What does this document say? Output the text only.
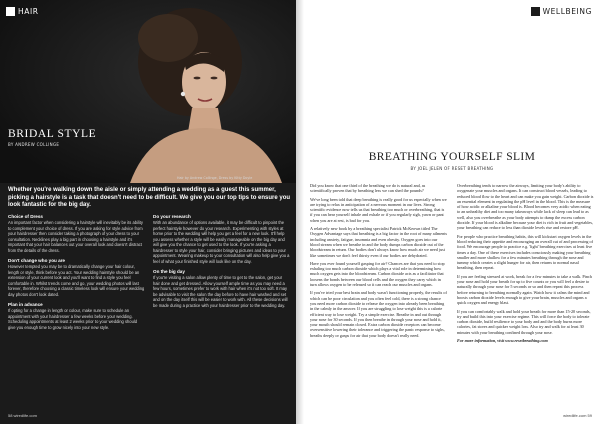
HAIR
BRIDAL STYLE
BY ANDREW COLLINGE
Hair by Andrew Collinge, Dress by Kitty Doyle
Whether you're walking down the aisle or simply attending a wedding as a guest this summer, picking a hairstyle is a task that doesn't need to be difficult. We give you our top tips to ensure you look fantastic for the big day.
Choice of Dress

An important factor when considering a hairstyle will inevitably be its ability to complement your choice of dress. If you are asking for style advice from your hairdresser then consider taking a photograph of your dress to your consultation. Necklines play a big part in choosing a hairstyle and it's important that your hair balances out your overall look and doesn't distract from the details of the dress.

Don't change who you are

However tempted you may be to dramatically change your hair colour, length or style, think before you act. Your wedding hairstyle should be an extension of your current look and you'll want to find a style you feel comfortable in. Whilst trends come and go, your wedding photos will last forever, therefore choosing a classic timeless look will ensure your wedding day photos don't look dated.

Plan in advance

If opting for a change in length or colour, make sure to schedule an appointment with your hairdresser a few weeks before your wedding. Scheduling appointments at least 2 weeks prior to your wedding should give you enough time to grow nicely into your new style.

Do your research

With an abundance of options available, it may be difficult to pinpoint the perfect hairstyle however do your research. Experimenting with styles at home prior to the wedding will help you get a feel for a new look. It'll help you assess whether a style will be easily manageable on the big day and will give you the chance to get used to the look. If you're asking a hairdresser to style your hair, consider bringing pictures and ideas to your appointment. Wearing makeup to your consultation will also help give you a feel of what your finished style will look like on the day.

On the big day

If you're visiting a salon allow plenty of time to get to the salon, get your hair done and get dressed. Allow yourself ample time as you may need a few hours, sometimes prefer to work with hair when it's not too soft. It may be advisable to visit the salon the day before to have hair washed and set and on the day itself this will be easier to work with. All these decisions will be made during a practice with your hairdresser prior to the wedding day.

58 wiredlife.com
WELLBEING
BREATHING YOURSELF SLIM
BY JOEL JELEN OF RESET BREATHING

Did you know that one third of the breathing we do is natural and, as scientifically proven that by breathing less we can shed the pounds?

We've long been told that deep breathing is really good for us especially when we are trying to relax in anticipation of a nervous moment in our lives. Strong scientific evidence now tells us that breathing too much or overbreathing, that is if you can hear yourself inhale and exhale or if you regularly sigh, yawn or pant when you are at rest, is bad for you.

A relatively new book by a breathing specialist Patrick McKeown titled The Oxygen Advantage says that breathing is a big factor in the root of many ailments including anxiety, fatigue, insomnia and even obesity. Oxygen goes into our blood stream when we breathe in and the body dumps carbon dioxide out of the bloodstream in return. Our bodies don't always know how much air we need just like sometimes we don't feel thirsty even if our bodies are dehydrated.

Have you ever found yourself gasping for air? Chances are that you need to stop exhaling too much carbon dioxide which plays a vital role in determining how much oxygen gets into the bloodstream. Carbon dioxide acts as a facilitator that loosens the bonds between our blood cells and the oxygen they carry which in turn allows oxygen to be released so it can reach our muscles and organs.

If you've tried your best brain and body wasn't functioning properly, the results of which can be poor circulation and you often feel cold, there is a strong chance you need more carbon dioxide to release the oxygen into already been breathing in the calmly in the answer. If you are struggling to lose weight this is a calorie efficient way to lose weight. Try a simple exercise. Breathe in and out through your nose for 30 seconds. If you then breathe in through your nose and hold it, your mouth should remain closed. Extra carbon dioxide receptors can become oversensitive lowering their tolerance and triggering the panic response to sighs, breaths deeply or gasps for air that your body doesn't really need.

Overbreathing tends to narrow the airways, limiting your body's ability to oxygenate your muscles and organs. It can construct blood vessels, leading to reduced blood flow to the heart and can make you gain weight. Carbon dioxide is an essential element in regulating the pH level in the blood. This is the measure of how acidic or alkaline your blood is. Blood becomes very acidic when eating to an unhealthy diet and too many takeaways while lack of sleep can lead to as well, also you overbreathe as your body attempts to dump the excess carbon dioxide. If your blood is alkaline because your diet is rich in fruit and vegetables, your breathing can reduce to less than dioxide levels rise and restore pH.

For people who practice breathing habits, this will kickstart oxygen levels in the blood reducing their appetite and encouraging an overall cut of and processing of food. We encourage people to practice e.g. 'light' breathing exercises at least five times a day. One of these exercises includes consciously making your breathing smaller and more shallow for a few minutes breathing through the nose and tummy which creates a slight hunger for air, then returns to normal nasal breathing, then repeat.

If you are feeling stressed at work, break for a few minutes to take a walk. Pinch your nose and hold your breath for up to five counts or you will feel a desire to naturally through your nose for 5 seconds or so and then repeat this process before returning to breathing normally again. Watch how it calms the mind and boosts carbon dioxide levels enough to give your brain, muscles and organs a quick oxygen and energy blast.

If you can comfortably walk and hold your breath for more than 15-20 seconds, try and build this into your exercise regime. This will force the body to tolerate carbon dioxide, build resilience to your body and and the body burns more calories, fat stores and quicker weight loss. Also try and walk for at least 30 minutes with your breathing confined through your nose.

For more information, visit www.resetbreathing.com

wiredlife.com 59
